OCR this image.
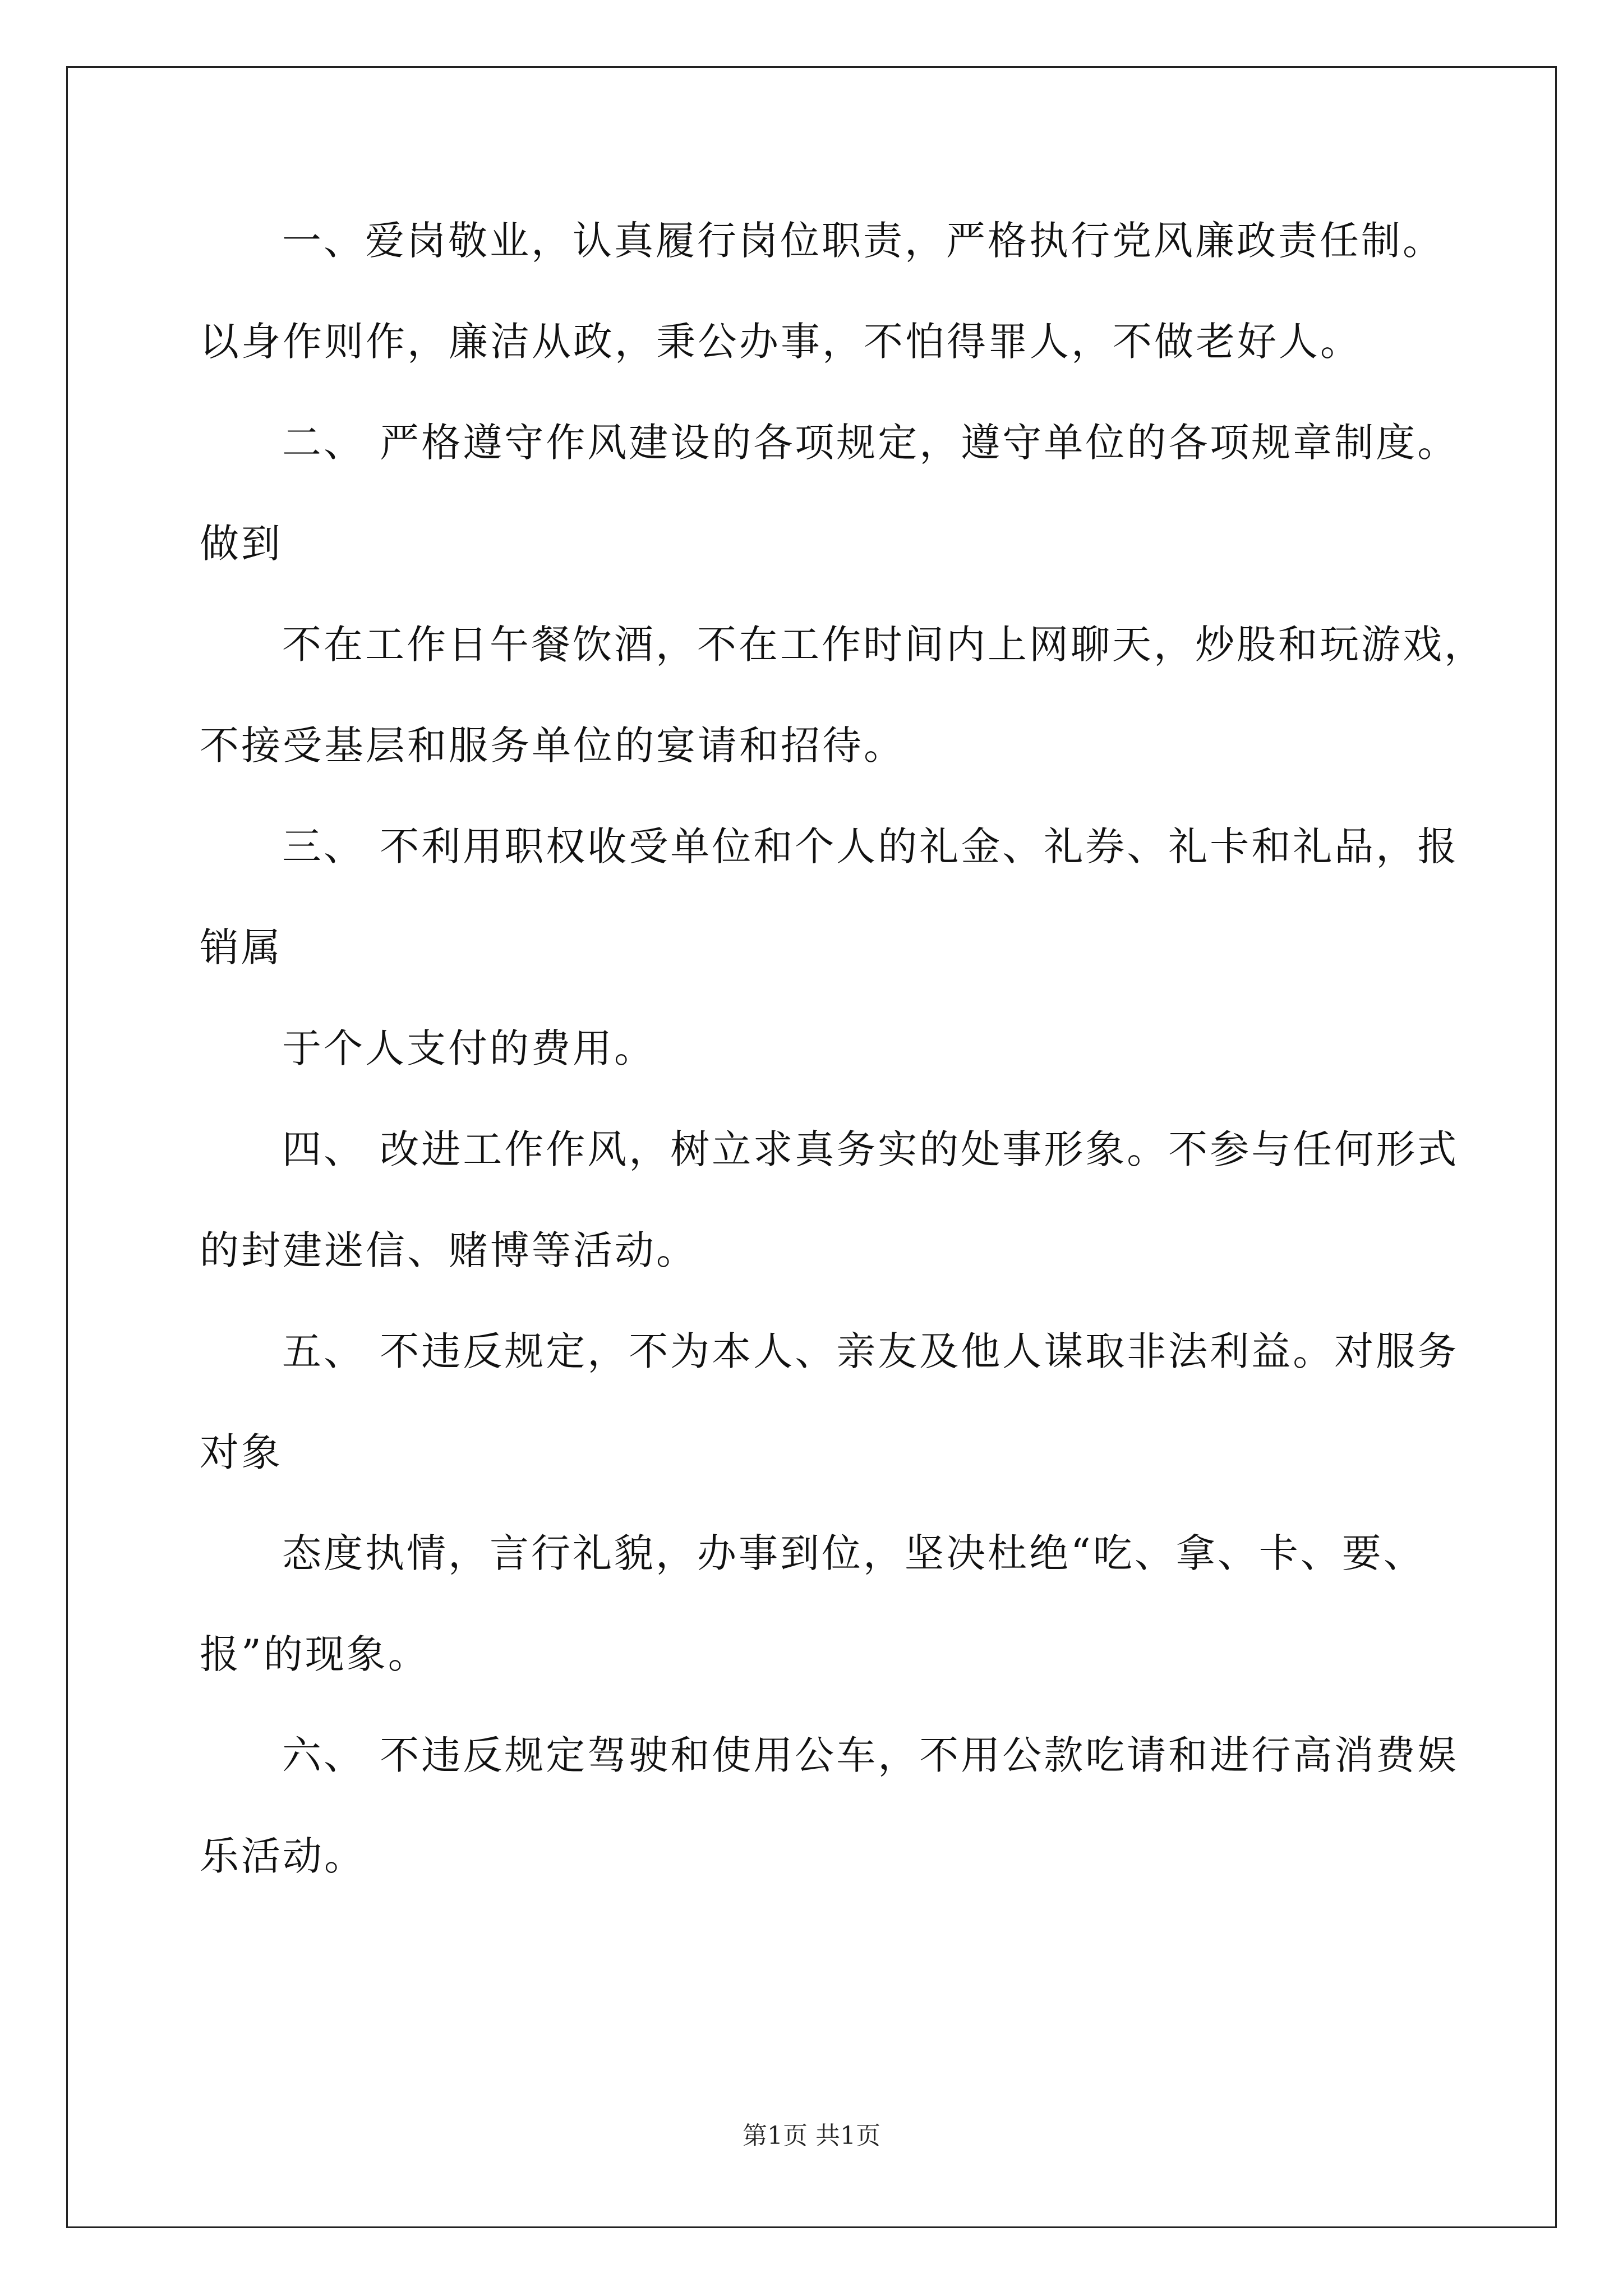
一、爱岗敬业，认真履行岗位职责，严格执行党风廉政责任制。
以身作则作，廉洁从政，秉公办事，不怕得罪人，不做老好人。
二、 严格遵守作风建设的各项规定，遵守单位的各项规章制度。
做到
不在工作日午餐饮酒，不在工作时间内上网聊天，炒股和玩游戏，
不接受基层和服务单位的宴请和招待。
三、 不利用职权收受单位和个人的礼金、礼券、礼卡和礼品，报
销属
于个人支付的费用。
四、 改进工作作风，树立求真务实的处事形象。不参与任何形式
的封建迷信、赌博等活动。
五、 不违反规定，不为本人、亲友及他人谋取非法利益。对服务
对象
态度执情，言行礼貌，办事到位，坚决杜绝“吃、拿、卡、要、
报”的现象。
六、 不违反规定驾驶和使用公车，不用公款吃请和进行高消费娱
乐活动。
第1页 共1页
